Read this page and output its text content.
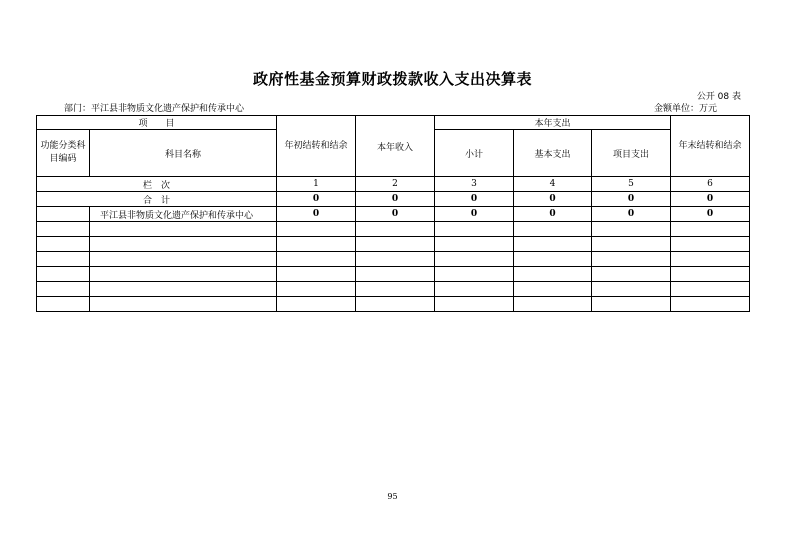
政府性基金预算财政拨款收入支出决算表
公开 08 表
部门：平江县非物质文化遗产保护和传承中心	金额单位：万元
项　　目		年初结转和结余	本年收入	本年支出			年末结转和结余
功能分类科目编码	科目名称			小计	基本支出	项目支出	
栏　次		1	2	3	4	5	6
合　计		0	0	0	0	0	0
	平江县非物质文化遗产保护和传承中心	0	0	0	0	0	0

95
